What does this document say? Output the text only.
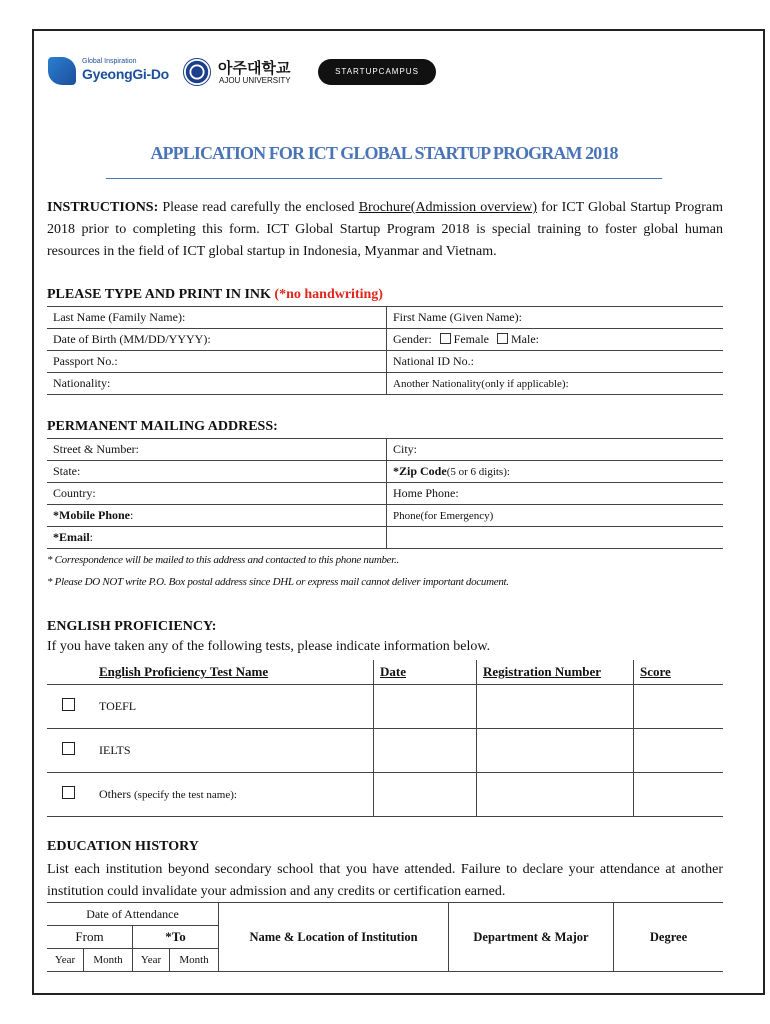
Global Inspiration
GyeongGi-Do	아주대학교
AJOU UNIVERSITY
STARTUPCAMPUS
APPLICATION FOR ICT GLOBAL STARTUP PROGRAM 2018
INSTRUCTIONS: Please read carefully the enclosed Brochure(Admission overview) for ICT Global Startup Program 2018 prior to completing this form. ICT Global Startup Program 2018 is special training to foster global human resources in the field of ICT global startup in Indonesia, Myanmar and Vietnam.
PLEASE TYPE AND PRINT IN INK (*no handwriting)
Last Name (Family Name):	First Name (Given Name):
Date of Birth (MM/DD/YYYY):	Gender: Female Male:
Passport No.:	National ID No.:
Nationality:	Another Nationality(only if applicable):
PERMANENT MAILING ADDRESS:
Street & Number:	City:
State:	*Zip Code(5 or 6 digits):
Country:	Home Phone:
*Mobile Phone:	Phone(for Emergency)
*Email:	
* Correspondence will be mailed to this address and contacted to this phone number..
* Please DO NOT write P.O. Box postal address since DHL or express mail cannot deliver important document.
ENGLISH PROFICIENCY:
If you have taken any of the following tests, please indicate information below.
	English Proficiency Test Name	Date	Registration Number	Score
	TOEFL			
	IELTS			
	Others (specify the test name):			
EDUCATION HISTORY
List each institution beyond secondary school that you have attended. Failure to declare your attendance at another institution could invalidate your admission and any credits or certification earned.
Date of Attendance				Name & Location of Institution	Department & Major	Degree
From		*To				
Year	Month	Year	Month			
